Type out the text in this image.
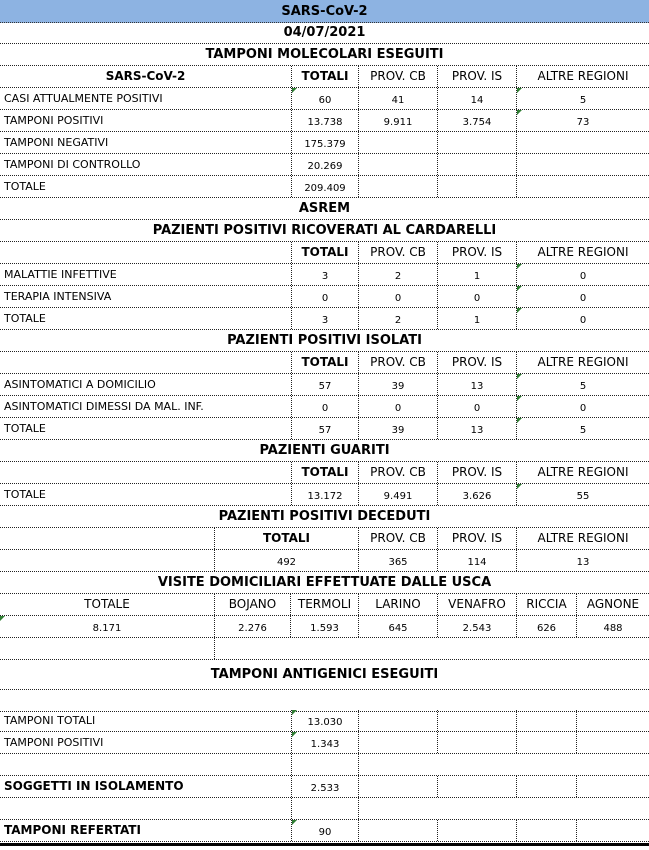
SARS-CoV-2
04/07/2021
TAMPONI MOLECOLARI ESEGUITI
SARS-CoV-2	TOTALI	PROV. CB	PROV. IS	ALTRE REGIONI
CASI ATTUALMENTE POSITIVI	60	41	14	5
TAMPONI POSITIVI	13.738	9.911	3.754	73
TAMPONI NEGATIVI	175.379
TAMPONI DI CONTROLLO	20.269
TOTALE	209.409
ASREM
PAZIENTI POSITIVI RICOVERATI AL CARDARELLI
TOTALI	PROV. CB	PROV. IS	ALTRE REGIONI
MALATTIE INFETTIVE	3	2	1	0
TERAPIA INTENSIVA	0	0	0	0
TOTALE	3	2	1	0
PAZIENTI POSITIVI ISOLATI
TOTALI	PROV. CB	PROV. IS	ALTRE REGIONI
ASINTOMATICI A DOMICILIO	57	39	13	5
ASINTOMATICI DIMESSI DA MAL. INF.	0	0	0	0
TOTALE	57	39	13	5
PAZIENTI GUARITI
TOTALI	PROV. CB	PROV. IS	ALTRE REGIONI
TOTALE	13.172	9.491	3.626	55
PAZIENTI POSITIVI DECEDUTI
TOTALI	PROV. CB	PROV. IS	ALTRE REGIONI
492	365	114	13
VISITE DOMICILIARI EFFETTUATE DALLE USCA
TOTALE	BOJANO	TERMOLI	LARINO	VENAFRO	RICCIA	AGNONE
8.171	2.276	1.593	645	2.543	626	488
TAMPONI ANTIGENICI ESEGUITI
TAMPONI TOTALI	13.030
TAMPONI POSITIVI	1.343
SOGGETTI IN ISOLAMENTO	2.533
TAMPONI REFERTATI	90
